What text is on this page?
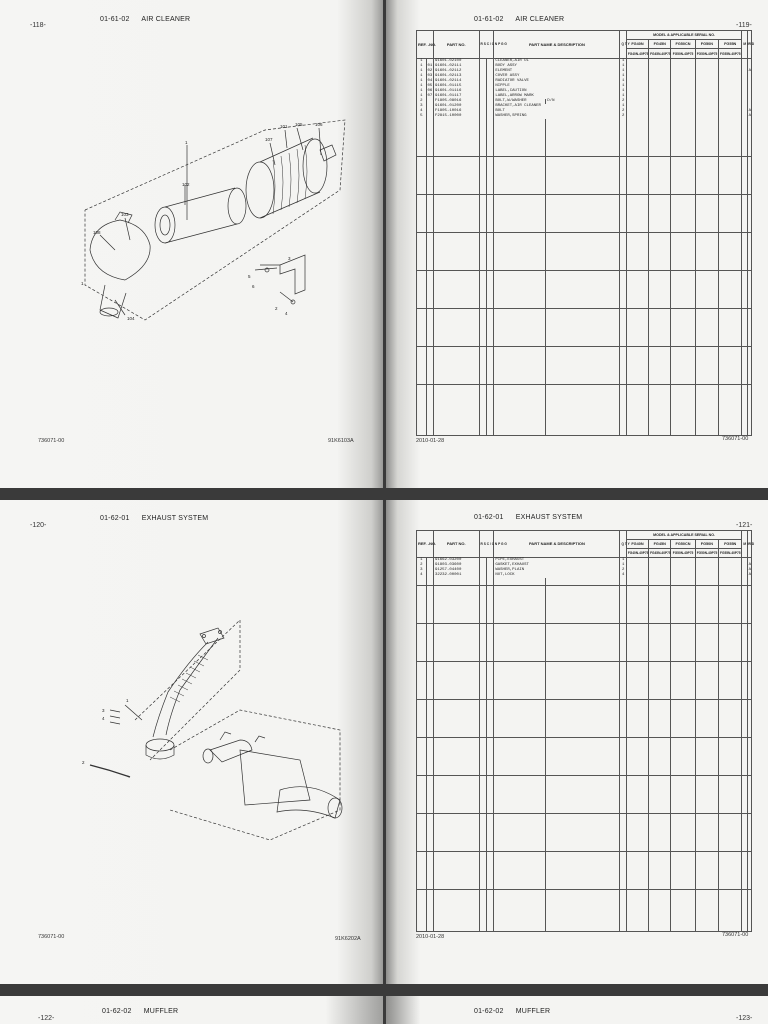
-118-
01-61-02 AIR CLEANER
1
102
103
108
104
107
101 105	106
3
5
6
2
4
1
736071-00	91K6103A
01-61-02 AIR CLEANER
-119-
REF. -NO.		PART NO.	R S C / C N P G G		PART NAME & DESCRIPTION		Q T Y	MODEL & APPLICABLE SERIAL NO.					M V	R D
								FG40N	FG45N	FG50CN	FG50N	FG55N		
								FG40N-40P75	FG45N-40P75	FG50N-40P75	FG50N-40P75	FG55N-40P75		
1		91601-02100			CLEANER,AIR UL		1							
1	01	91601-02111			BODY ASSY		1							
1	02	91601-02112			ELEMENT		1							A
1	03	91601-02113			COVER ASSY		1							
1	04	91601-02114			RADIATOR VALVE		1							
1	05	91601-01115			NIPPLE		1							
1	06	91601-01116			LABEL,CAUTION		1							
1	07	91601-01117			LABEL,ARROW MARK		1							
2		F1805-08016			BOLT,W/WASHER	D/N	2							
3		91601-01200			BRACKET,AIR CLEANER		1							
4		F1805-10016			BOLT		2							A
5		F2815-10000			WASHER,SPRING		2							A

2010-01-28	736071-00
-120-
01-62-01 EXHAUST SYSTEM
1
2
3
4
736071-00	91K6202A
01-62-01 EXHAUST SYSTEM
-121-
REF. -NO.		PART NO.	R S C / C N P G G		PART NAME & DESCRIPTION		Q T Y	MODEL & APPLICABLE SERIAL NO.					M V	R D
								FG40N	FG45N	FG50CN	FG50N	FG55N		
								FG40N-40P75	FG45N-40P75	FG50N-40P75	FG50N-40P75	FG55N-40P75		
1		91662-03200			PIPE,EXHAUST		1							
2		91803-03600			GASKET,EXHAUST		1							A
3		91257-04400			WASHER,PLAIN		2							A
4		32232-00001			NUT,LOCK		4							A

2010-01-28	736071-00
-122-
01-62-02 MUFFLER	01-62-02 MUFFLER
-123-
